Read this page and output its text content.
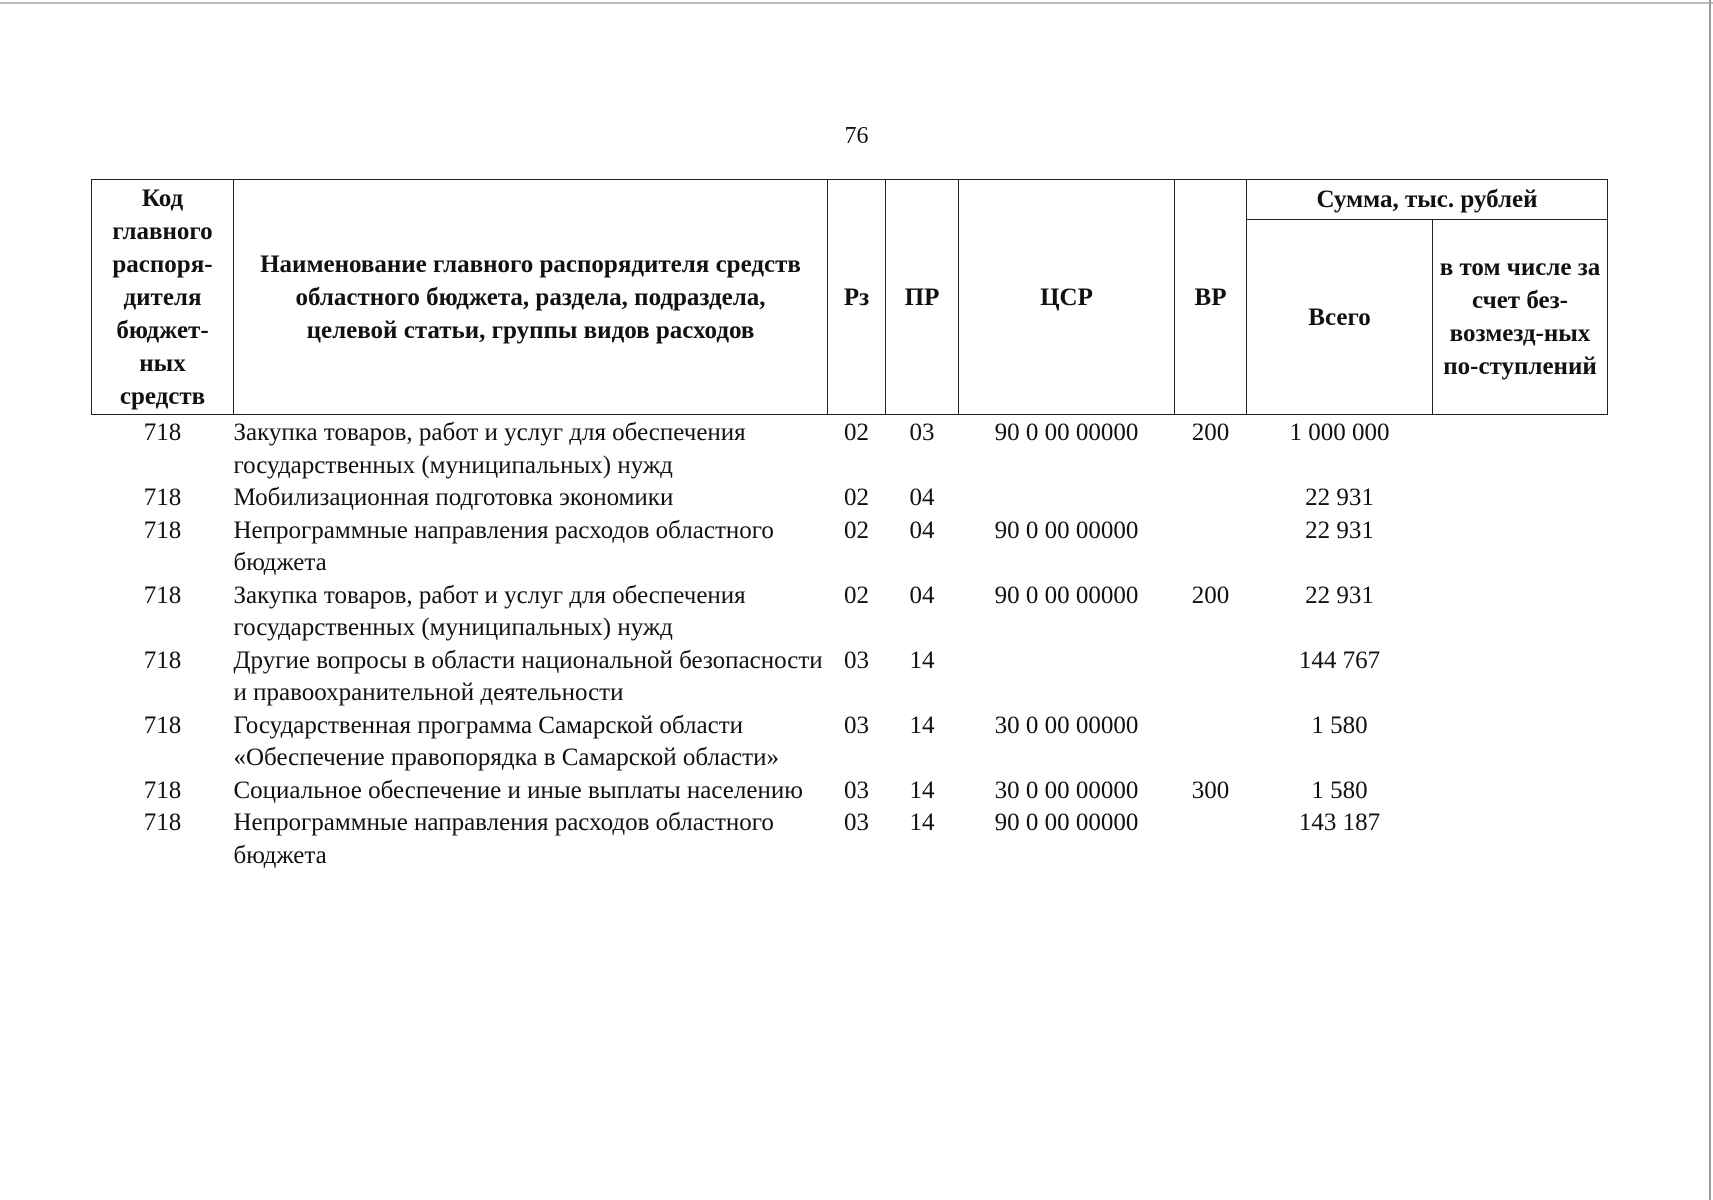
76
Код главного распоря-дителя бюджет-ных средств	Наименование главного распорядителя средств областного бюджета, раздела, подраздела, целевой статьи, группы видов расходов	Рз	ПР	ЦСР	ВР	Сумма, тыс. рублей	
						Всего	в том числе за счет без-возмезд-ных по-ступлений
718	Закупка товаров, работ и услуг для обеспечения государственных (муниципальных) нужд	02	03	90 0 00 00000	200	1 000 000	
718	Мобилизационная подготовка экономики	02	04			22 931	
718	Непрограммные направления расходов областного бюджета	02	04	90 0 00 00000		22 931	
718	Закупка товаров, работ и услуг для обеспечения государственных (муниципальных) нужд	02	04	90 0 00 00000	200	22 931	
718	Другие вопросы в области национальной безопасности и правоохранительной деятельности	03	14			144 767	
718	Государственная программа Самарской области «Обеспечение правопорядка в Самарской области»	03	14	30 0 00 00000		1 580	
718	Социальное обеспечение и иные выплаты населению	03	14	30 0 00 00000	300	1 580	
718	Непрограммные направления расходов областного бюджета	03	14	90 0 00 00000		143 187	
